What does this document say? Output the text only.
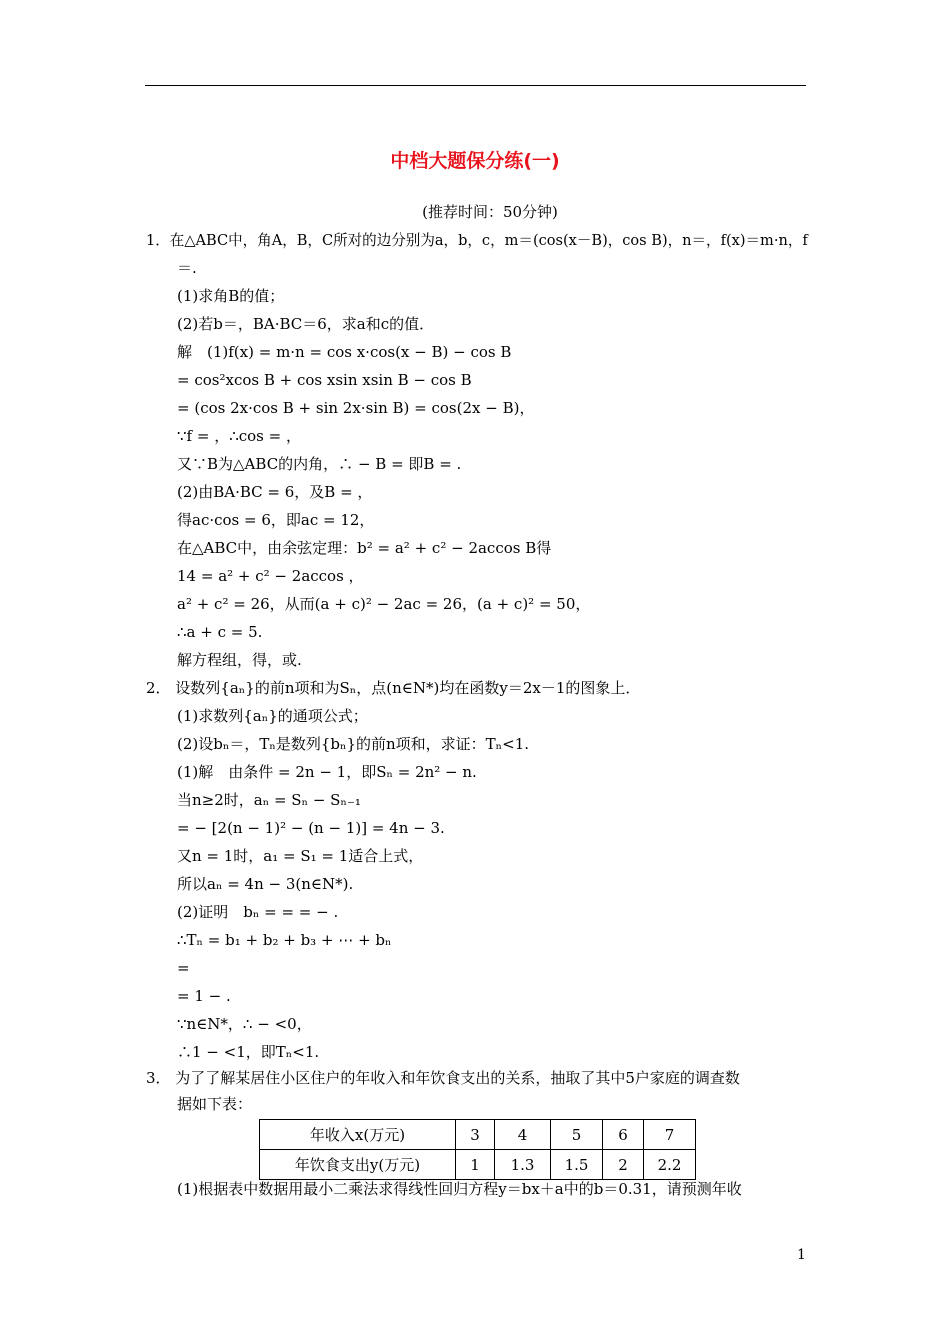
中档大题保分练(一)
(推荐时间：50分钟)
1．在△ABC中，角A，B，C所对的边分别为a，b，c，m＝(cos(x－B)，cos B)，n＝，f(x)＝m·n，f
＝.
(1)求角B的值；
(2)若b＝，BA·BC＝6，求a和c的值．
解　(1)f(x) = m·n = cos x·cos(x − B) − cos B
= cos²xcos B + cos xsin xsin B − cos B
= (cos 2x·cos B + sin 2x·sin B) = cos(2x − B)，
∵f = ，∴cos = ，
又∵B为△ABC的内角，∴ − B = 即B = .
(2)由BA·BC = 6，及B = ，
得ac·cos = 6，即ac = 12，
在△ABC中，由余弦定理：b² = a² + c² − 2accos B得
14 = a² + c² − 2accos ，
a² + c² = 26，从而(a + c)² − 2ac = 26，(a + c)² = 50，
∴a + c = 5.
解方程组，得，或.
2． 设数列{aₙ}的前n项和为Sₙ，点(n∈N*)均在函数y＝2x－1的图象上．
(1)求数列{aₙ}的通项公式；
(2)设bₙ＝，Tₙ是数列{bₙ}的前n项和，求证：Tₙ<1.
(1)解　由条件 = 2n − 1，即Sₙ = 2n² − n.
当n≥2时，aₙ = Sₙ − Sₙ₋₁
= − [2(n − 1)² − (n − 1)] = 4n − 3.
又n = 1时，a₁ = S₁ = 1适合上式，
所以aₙ = 4n − 3(n∈N*).
(2)证明　bₙ = = = − .
∴Tₙ = b₁ + b₂ + b₃ + ⋯ + bₙ
=
= 1 − .
∵n∈N*，∴ − <0，
∴1 − <1，即Tₙ<1.
3． 为了了解某居住小区住户的年收入和年饮食支出的关系，抽取了其中5户家庭的调查数
据如下表：
年收入x(万元)	3	4	5	6	7
年饮食支出y(万元)	1	1.3	1.5	2	2.2
(1)根据表中数据用最小二乘法求得线性回归方程y＝bx＋a中的b＝0.31，请预测年收
1
